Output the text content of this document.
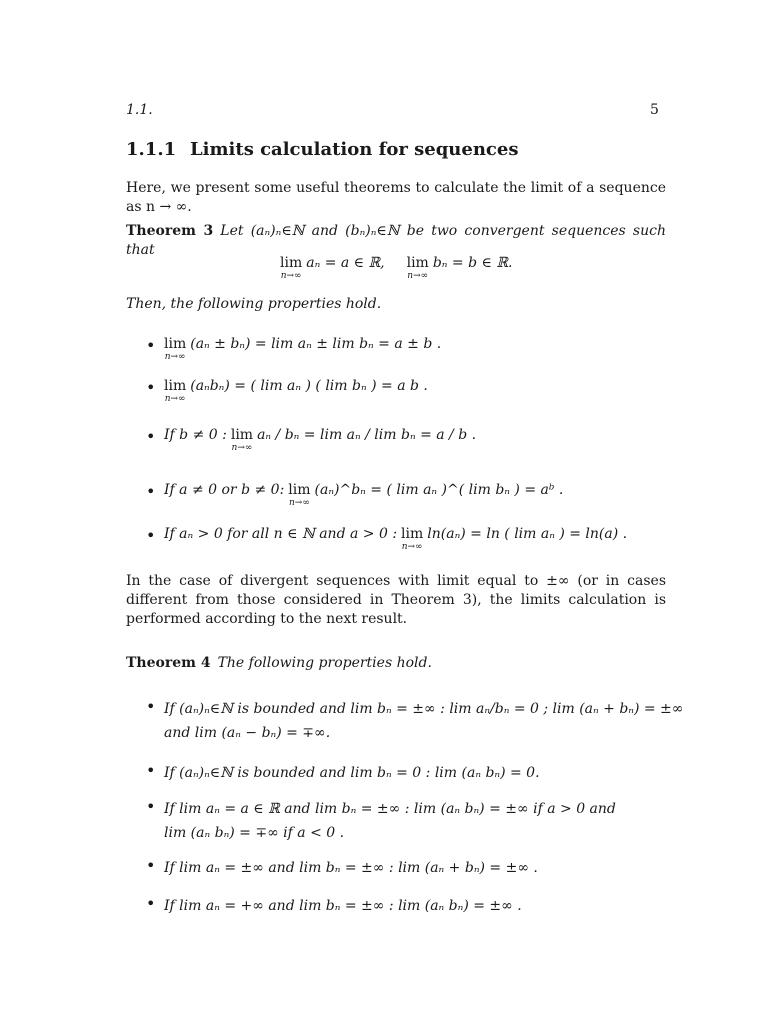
1.1.	5
1.1.1 Limits calculation for sequences
Here, we present some useful theorems to calculate the limit of a sequence as n → ∞.
Theorem 3 Let (aₙ)ₙ∈ℕ and (bₙ)ₙ∈ℕ be two convergent sequences such that
lim
n→∞
aₙ = a ∈ ℝ, lim
n→∞
bₙ = b ∈ ℝ.
Then, the following properties hold.
• lim
n→∞
(aₙ ± bₙ) = lim aₙ ± lim bₙ = a ± b .
• lim
n→∞
(aₙbₙ) = ( lim aₙ ) ( lim bₙ ) = a b .
• If b ≠ 0 : lim
n→∞
aₙ / bₙ = lim aₙ / lim bₙ = a / b .
• If a ≠ 0 or b ≠ 0: lim
n→∞
(aₙ)^bₙ = ( lim aₙ )^( lim bₙ ) = aᵇ .
• If aₙ > 0 for all n ∈ ℕ and a > 0 : lim
n→∞
ln(aₙ) = ln ( lim aₙ ) = ln(a) .
In the case of divergent sequences with limit equal to ±∞ (or in cases different from those considered in Theorem 3), the limits calculation is performed according to the next result.
Theorem 4 The following properties hold.
• If (aₙ)ₙ∈ℕ is bounded and lim bₙ = ±∞ : lim aₙ/bₙ = 0 ; lim (aₙ + bₙ) = ±∞
and lim (aₙ − bₙ) = ∓∞.
• If (aₙ)ₙ∈ℕ is bounded and lim bₙ = 0 : lim (aₙ bₙ) = 0.
• If lim aₙ = a ∈ ℝ and lim bₙ = ±∞ : lim (aₙ bₙ) = ±∞ if a > 0 and
lim (aₙ bₙ) = ∓∞ if a < 0 .
• If lim aₙ = ±∞ and lim bₙ = ±∞ : lim (aₙ + bₙ) = ±∞ .
• If lim aₙ = +∞ and lim bₙ = ±∞ : lim (aₙ bₙ) = ±∞ .
